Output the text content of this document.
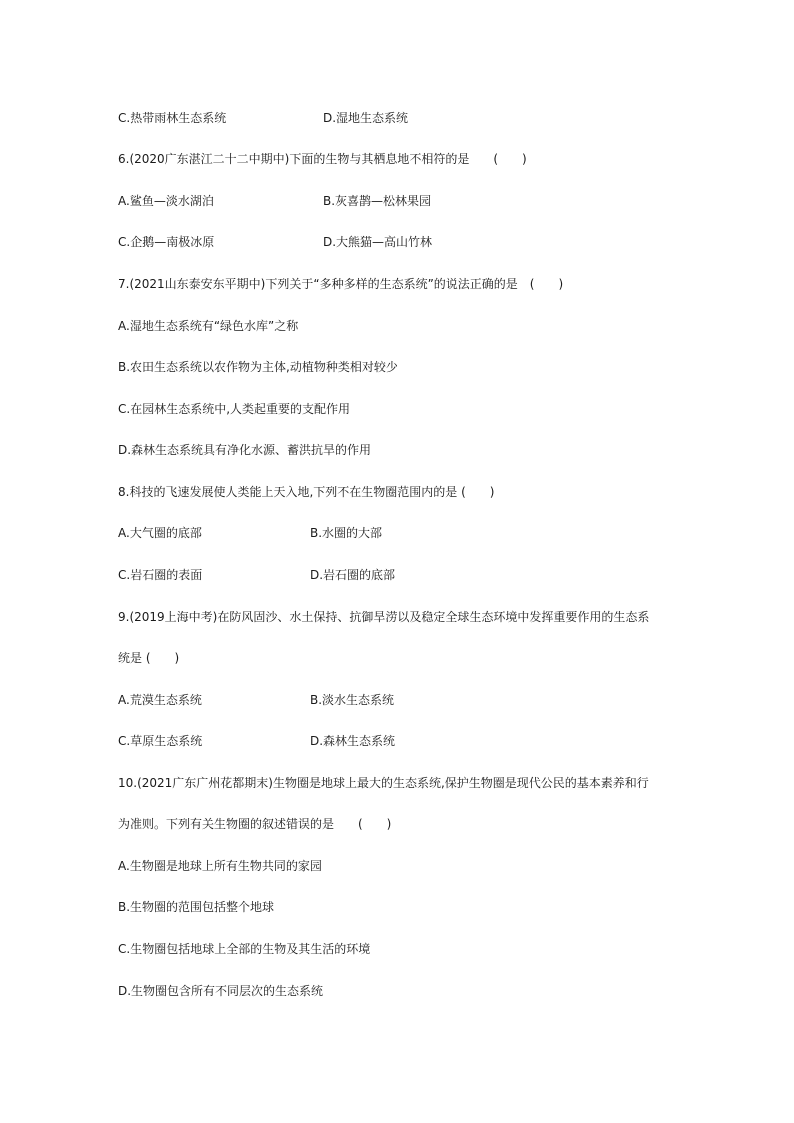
C.热带雨林生态系统	D.湿地生态系统
6.(2020广东湛江二十二中期中)下面的生物与其栖息地不相符的是　　(　　)
A.鲨鱼—淡水湖泊	B.灰喜鹊—松林果园
C.企鹅—南极冰原	D.大熊猫—高山竹林
7.(2021山东泰安东平期中)下列关于“多种多样的生态系统”的说法正确的是　(　　)
A.湿地生态系统有“绿色水库”之称
B.农田生态系统以农作物为主体,动植物种类相对较少
C.在园林生态系统中,人类起重要的支配作用
D.森林生态系统具有净化水源、蓄洪抗旱的作用
8.科技的飞速发展使人类能上天入地,下列不在生物圈范围内的是 (　　)
A.大气圈的底部	B.水圈的大部
C.岩石圈的表面	D.岩石圈的底部
9.(2019上海中考)在防风固沙、水土保持、抗御旱涝以及稳定全球生态环境中发挥重要作用的生态系
统是 (　　)
A.荒漠生态系统	B.淡水生态系统
C.草原生态系统	D.森林生态系统
10.(2021广东广州花都期末)生物圈是地球上最大的生态系统,保护生物圈是现代公民的基本素养和行
为准则。下列有关生物圈的叙述错误的是　　(　　)
A.生物圈是地球上所有生物共同的家园
B.生物圈的范围包括整个地球
C.生物圈包括地球上全部的生物及其生活的环境
D.生物圈包含所有不同层次的生态系统
